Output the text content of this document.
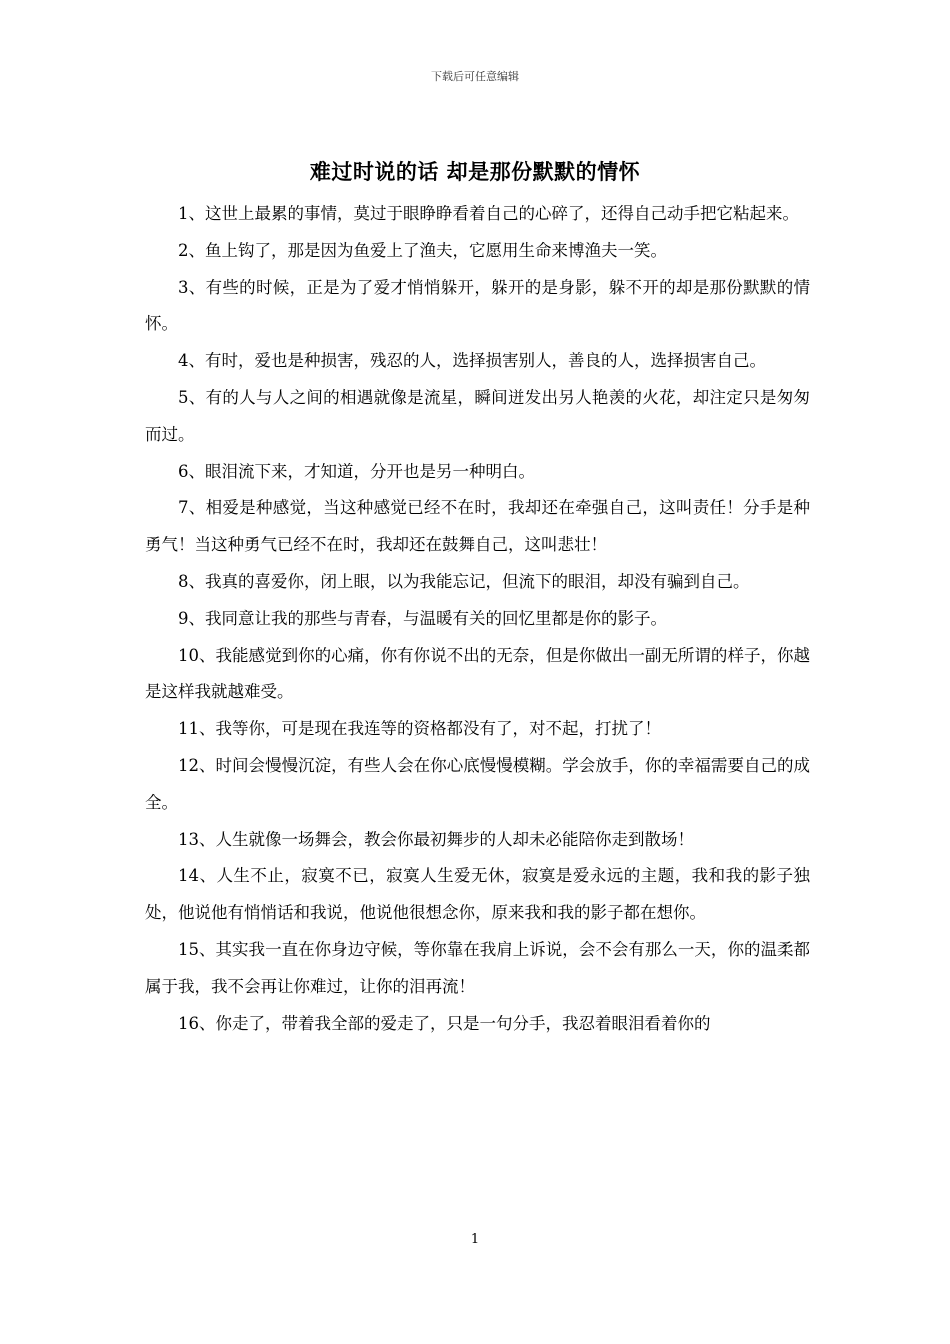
下载后可任意编辑
难过时说的话 却是那份默默的情怀

1、这世上最累的事情，莫过于眼睁睁看着自己的心碎了，还得自己动手把它粘起来。

2、鱼上钩了，那是因为鱼爱上了渔夫，它愿用生命来博渔夫一笑。

3、有些的时候，正是为了爱才悄悄躲开，躲开的是身影，躲不开的却是那份默默的情怀。

4、有时，爱也是种损害，残忍的人，选择损害别人，善良的人，选择损害自己。

5、有的人与人之间的相遇就像是流星，瞬间迸发出另人艳羡的火花，却注定只是匆匆而过。

6、眼泪流下来，才知道，分开也是另一种明白。

7、相爱是种感觉，当这种感觉已经不在时，我却还在牵强自己，这叫责任！分手是种勇气！当这种勇气已经不在时，我却还在鼓舞自己，这叫悲壮！

8、我真的喜爱你，闭上眼，以为我能忘记，但流下的眼泪，却没有骗到自己。

9、我同意让我的那些与青春，与温暖有关的回忆里都是你的影子。

10、我能感觉到你的心痛，你有你说不出的无奈，但是你做出一副无所谓的样子，你越是这样我就越难受。

11、我等你，可是现在我连等的资格都没有了，对不起，打扰了！

12、时间会慢慢沉淀，有些人会在你心底慢慢模糊。学会放手，你的幸福需要自己的成全。

13、人生就像一场舞会，教会你最初舞步的人却未必能陪你走到散场！

14、人生不止，寂寞不已，寂寞人生爱无休，寂寞是爱永远的主题，我和我的影子独处，他说他有悄悄话和我说，他说他很想念你，原来我和我的影子都在想你。

15、其实我一直在你身边守候，等你靠在我肩上诉说，会不会有那么一天，你的温柔都属于我，我不会再让你难过，让你的泪再流！

16、你走了，带着我全部的爱走了，只是一句分手，我忍着眼泪看着你的

1
